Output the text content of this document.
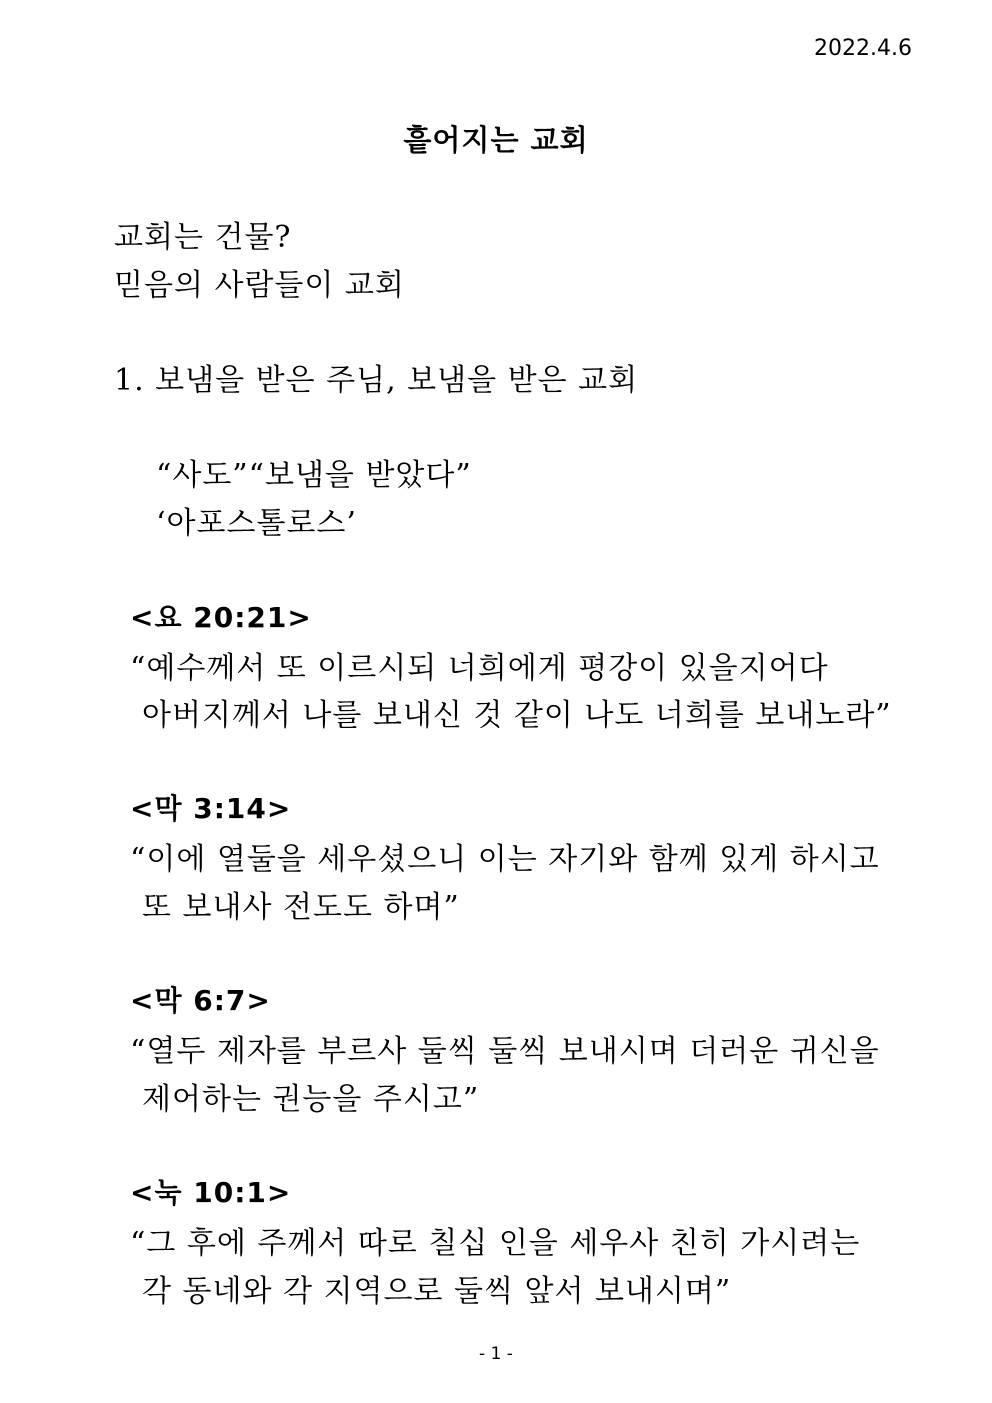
2022.4.6
흩어지는 교회
교회는 건물?
믿음의 사람들이 교회
1. 보냄을 받은 주님, 보냄을 받은 교회
“사도”“보냄을 받았다”
‘아포스톨로스’
<요 20:21>
“예수께서 또 이르시되 너희에게 평강이 있을지어다
아버지께서 나를 보내신 것 같이 나도 너희를 보내노라”
<막 3:14>
“이에 열둘을 세우셨으니 이는 자기와 함께 있게 하시고
또 보내사 전도도 하며”
<막 6:7>
“열두 제자를 부르사 둘씩 둘씩 보내시며 더러운 귀신을
제어하는 권능을 주시고”
<눅 10:1>
“그 후에 주께서 따로 칠십 인을 세우사 친히 가시려는
각 동네와 각 지역으로 둘씩 앞서 보내시며”
- 1 -
